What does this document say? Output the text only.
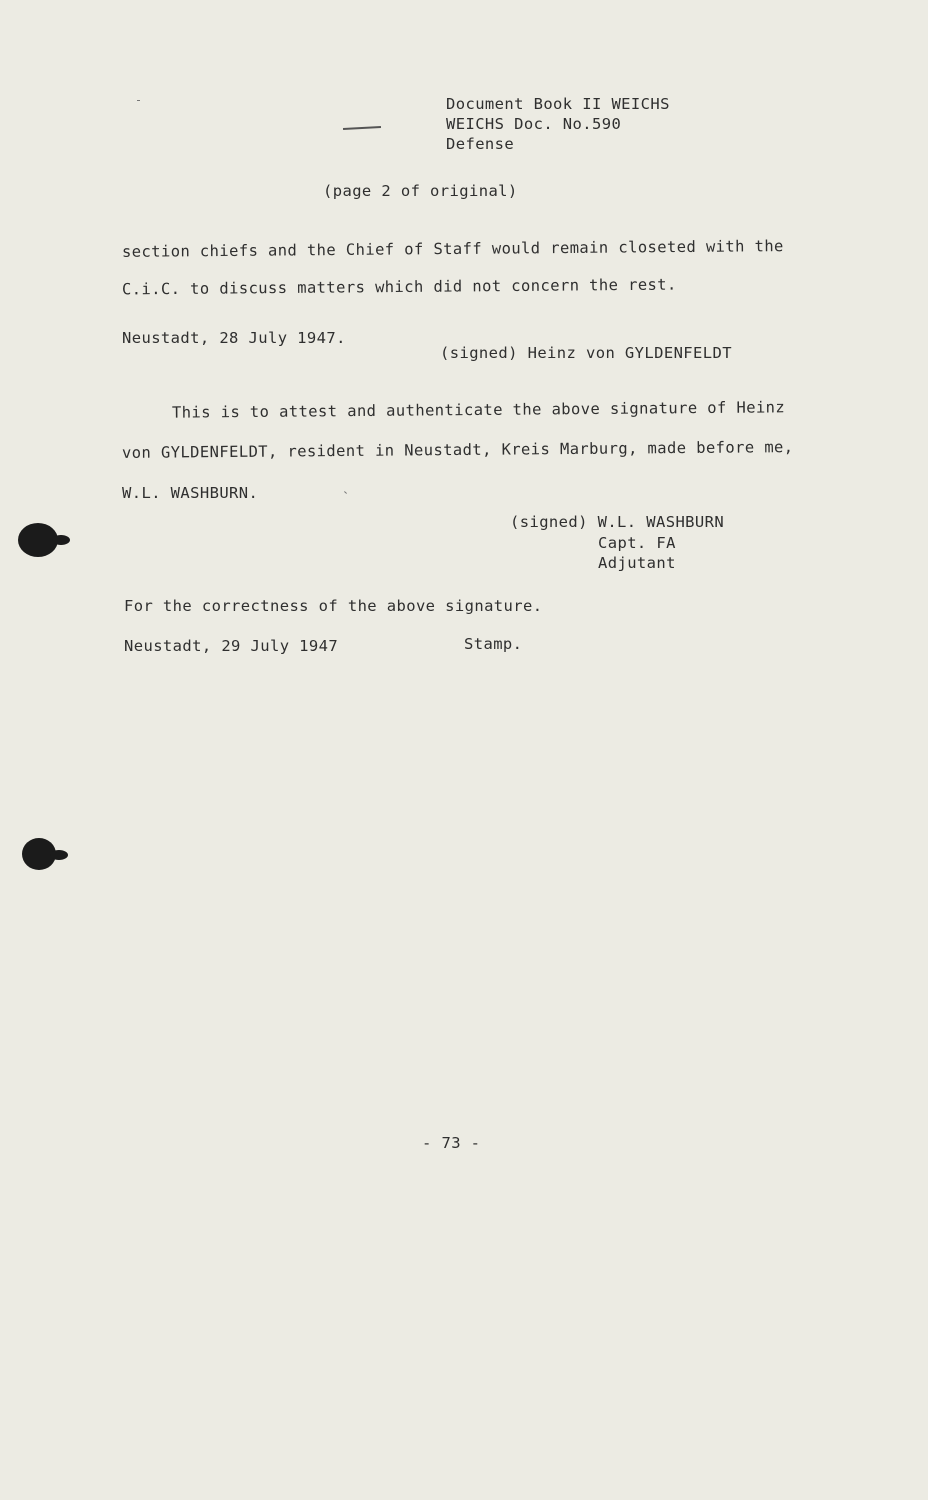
Document Book II WEICHS
WEICHS Doc. No.590
Defense
(page 2 of original)
section chiefs and the Chief of Staff would remain closeted with the
C.i.C. to discuss matters which did not concern the rest.
Neustadt, 28 July 1947.
(signed) Heinz von GYLDENFELDT
This is to attest and authenticate the above signature of Heinz
von GYLDENFELDT, resident in Neustadt, Kreis Marburg, made before me,
W.L. WASHBURN.
(signed) W.L. WASHBURN
Capt. FA
Adjutant
For the correctness of the above signature.
Neustadt, 29 July 1947	Stamp.
- 73 -
